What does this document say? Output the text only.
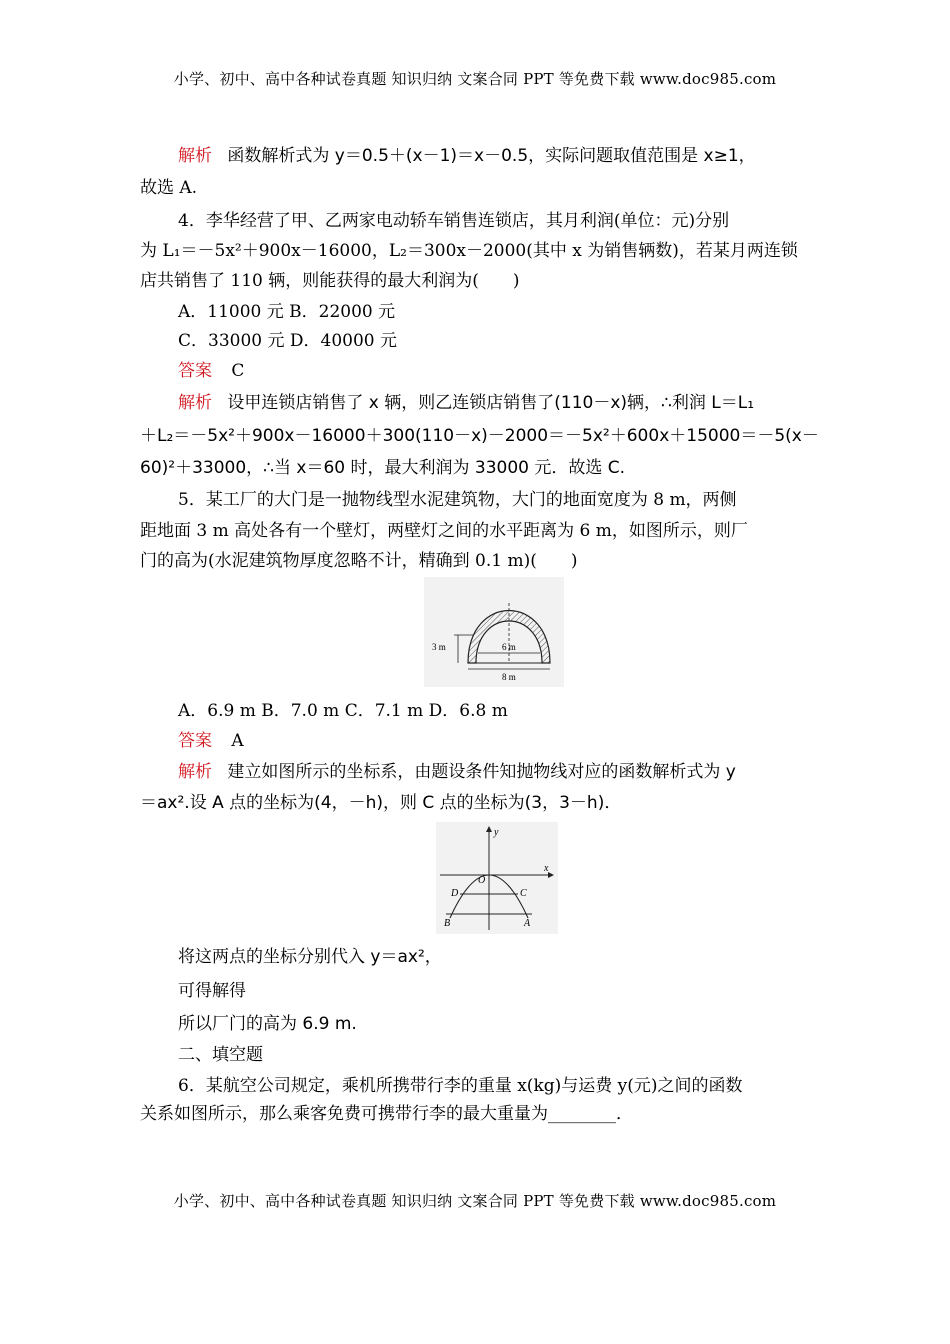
小学、初中、高中各种试卷真题 知识归纳 文案合同 PPT 等免费下载 www.doc985.com
解析 函数解析式为 y＝0.5＋(x－1)＝x－0.5，实际问题取值范围是 x≥1，
故选 A.
4．李华经营了甲、乙两家电动轿车销售连锁店，其月利润(单位：元)分别
为 L₁＝－5x²＋900x－16000，L₂＝300x－2000(其中 x 为销售辆数)，若某月两连锁
店共销售了 110 辆，则能获得的最大利润为(　　)
A．11000 元 B．22000 元
C．33000 元 D．40000 元
答案 C
解析 设甲连锁店销售了 x 辆，则乙连锁店销售了(110－x)辆，∴利润 L＝L₁
＋L₂＝－5x²＋900x－16000＋300(110－x)－2000＝－5x²＋600x＋15000＝－5(x－
60)²＋33000，∴当 x＝60 时，最大利润为 33000 元．故选 C.
5．某工厂的大门是一抛物线型水泥建筑物，大门的地面宽度为 8 m，两侧
距地面 3 m 高处各有一个壁灯，两壁灯之间的水平距离为 6 m，如图所示，则厂
门的高为(水泥建筑物厚度忽略不计，精确到 0.1 m)(　　)
3 m	6 m
8 m
A．6.9 m B．7.0 m C．7.1 m D．6.8 m
答案 A
解析 建立如图所示的坐标系，由题设条件知抛物线对应的函数解析式为 y
＝ax².设 A 点的坐标为(4，－h)，则 C 点的坐标为(3，3－h)．
y
x
O
D	C
B	A
将这两点的坐标分别代入 y＝ax²，
可得解得
所以厂门的高为 6.9 m.
二、填空题
6．某航空公司规定，乘机所携带行李的重量 x(kg)与运费 y(元)之间的函数
关系如图所示，那么乘客免费可携带行李的最大重量为________．
小学、初中、高中各种试卷真题 知识归纳 文案合同 PPT 等免费下载 www.doc985.com
